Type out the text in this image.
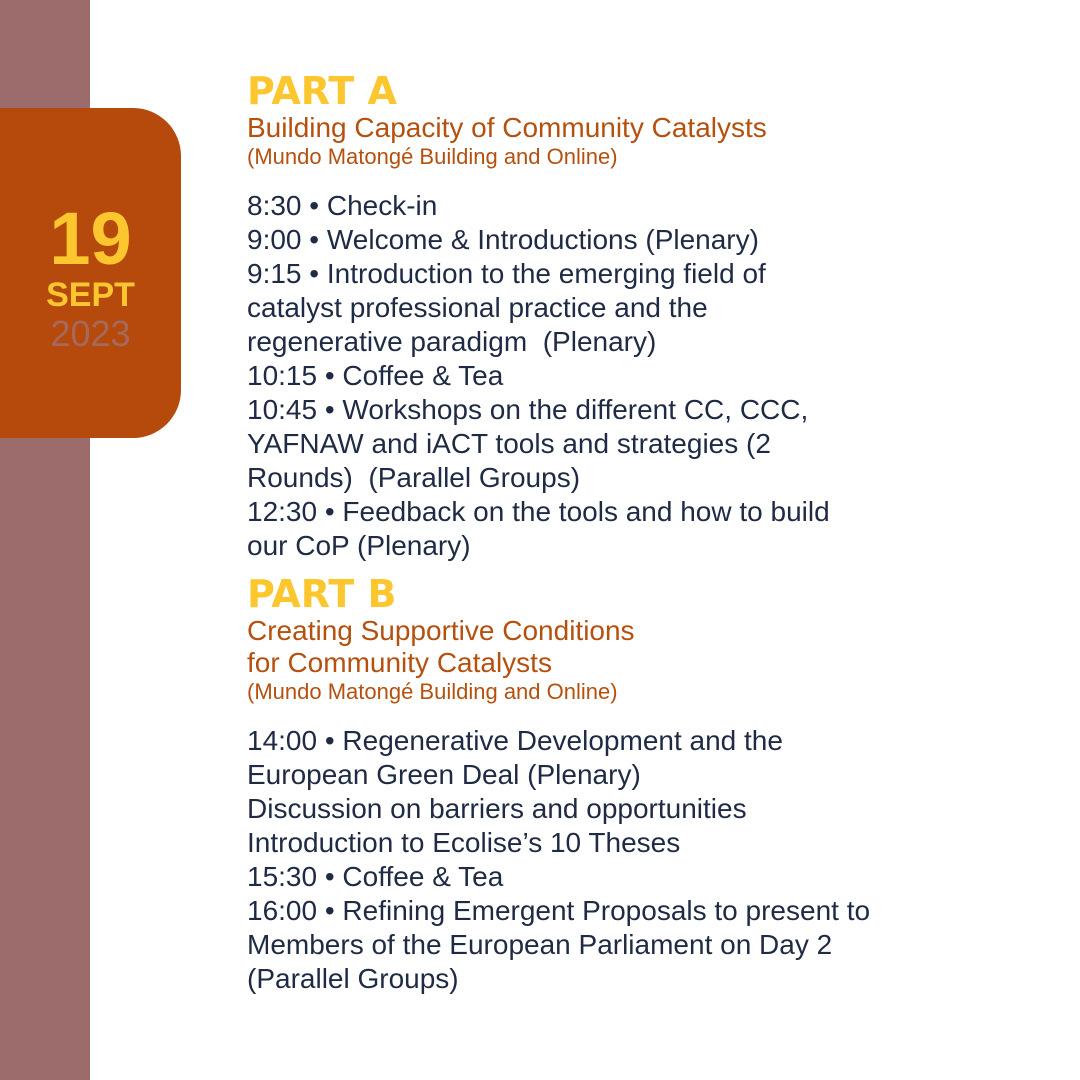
19
SEPT
2023
PART A

Building Capacity of Community Catalysts

(Mundo Matongé Building and Online)

8:30 • Check-in

9:00 • Welcome & Introductions (Plenary)

9:15 • Introduction to the emerging field of

catalyst professional practice and the

regenerative paradigm  (Plenary)

10:15 • Coffee & Tea

10:45 • Workshops on the different CC, CCC,

YAFNAW and iACT tools and strategies (2

Rounds)  (Parallel Groups)

12:30 • Feedback on the tools and how to build

our CoP (Plenary)

PART B

Creating Supportive Conditions

for Community Catalysts

(Mundo Matongé Building and Online)

14:00 • Regenerative Development and the

European Green Deal (Plenary)

Discussion on barriers and opportunities

Introduction to Ecolise’s 10 Theses

15:30 • Coffee & Tea

16:00 • Refining Emergent Proposals to present to

Members of the European Parliament on Day 2

(Parallel Groups)
